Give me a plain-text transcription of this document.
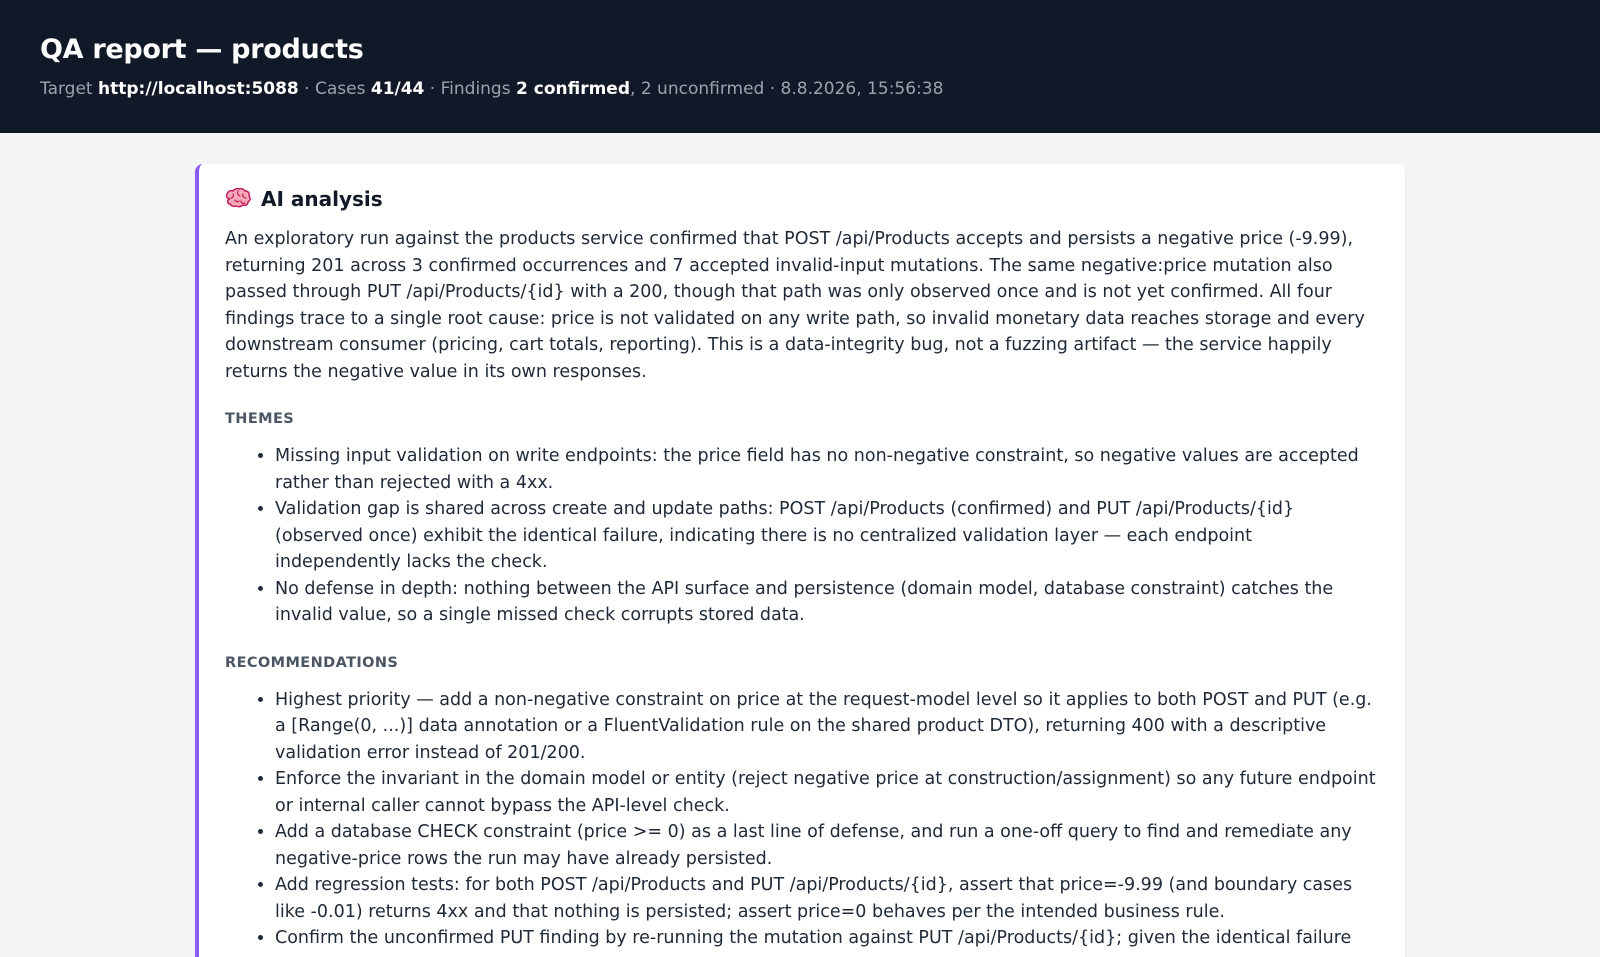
QA report — products
Target http://localhost:5088 · Cases 41/44 · Findings 2 confirmed, 2 unconfirmed · 8.8.2026, 15:56:38
AI analysis

An exploratory run against the products service confirmed that POST /api/Products accepts and persists a negative price (-9.99), returning 201 across 3 confirmed occurrences and 7 accepted invalid-input mutations. The same negative:price mutation also passed through PUT /api/Products/{id} with a 200, though that path was only observed once and is not yet confirmed. All four findings trace to a single root cause: price is not validated on any write path, so invalid monetary data reaches storage and every downstream consumer (pricing, cart totals, reporting). This is a data-integrity bug, not a fuzzing artifact — the service happily returns the negative value in its own responses.

THEMES
• Missing input validation on write endpoints: the price field has no non-negative constraint, so negative values are accepted rather than rejected with a 4xx.
• Validation gap is shared across create and update paths: POST /api/Products (confirmed) and PUT /api/Products/{id} (observed once) exhibit the identical failure, indicating there is no centralized validation layer — each endpoint independently lacks the check.
• No defense in depth: nothing between the API surface and persistence (domain model, database constraint) catches the invalid value, so a single missed check corrupts stored data.
RECOMMENDATIONS
• Highest priority — add a non-negative constraint on price at the request-model level so it applies to both POST and PUT (e.g. a [Range(0, ...)] data annotation or a FluentValidation rule on the shared product DTO), returning 400 with a descriptive validation error instead of 201/200.
• Enforce the invariant in the domain model or entity (reject negative price at construction/assignment) so any future endpoint or internal caller cannot bypass the API-level check.
• Add a database CHECK constraint (price >= 0) as a last line of defense, and run a one-off query to find and remediate any negative-price rows the run may have already persisted.
• Add regression tests: for both POST /api/Products and PUT /api/Products/{id}, assert that price=-9.99 (and boundary cases like -0.01) returns 4xx and that nothing is persisted; assert price=0 behaves per the intended business rule.
• Confirm the unconfirmed PUT finding by re-running the mutation against PUT /api/Products/{id}; given the identical failure
